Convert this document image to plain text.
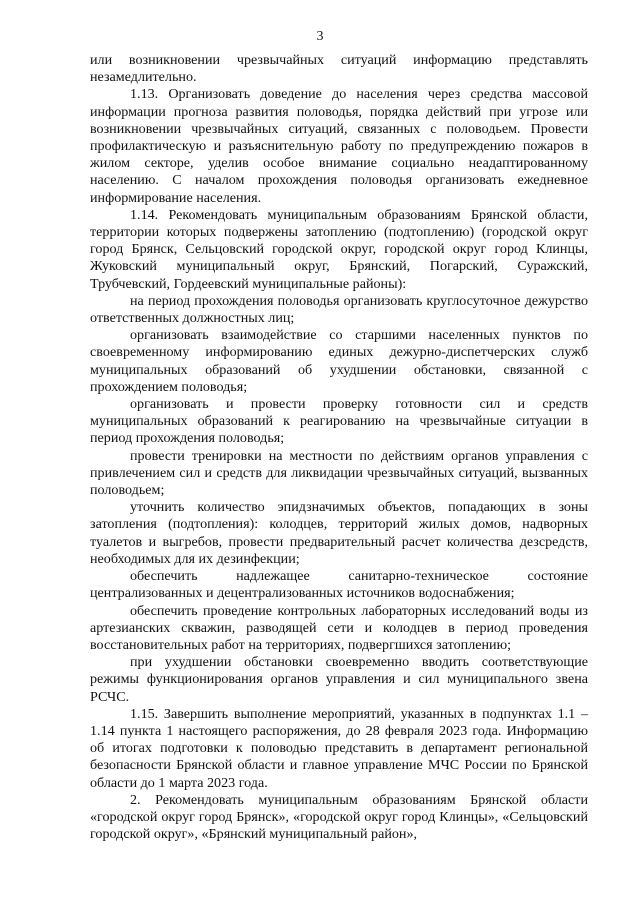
3

или возникновении чрезвычайных ситуаций информацию представлять незамедлительно.

1.13. Организовать доведение до населения через средства массовой информации прогноза развития половодья, порядка действий при угрозе или возникновении чрезвычайных ситуаций, связанных с половодьем. Провести профилактическую и разъяснительную работу по предупреждению пожаров в жилом секторе, уделив особое внимание социально неадаптированному населению. С началом прохождения половодья организовать ежедневное информирование населения.

1.14. Рекомендовать муниципальным образованиям Брянской области, территории которых подвержены затоплению (подтоплению) (городской округ город Брянск, Сельцовский городской округ, городской округ город Клинцы, Жуковский муниципальный округ, Брянский, Погарский, Суражский, Трубчевский, Гордеевский муниципальные районы):

на период прохождения половодья организовать круглосуточное дежурство ответственных должностных лиц;

организовать взаимодействие со старшими населенных пунктов по своевременному информированию единых дежурно-диспетчерских служб муниципальных образований об ухудшении обстановки, связанной с прохождением половодья;

организовать и провести проверку готовности сил и средств муниципальных образований к реагированию на чрезвычайные ситуации в период прохождения половодья;

провести тренировки на местности по действиям органов управления с привлечением сил и средств для ликвидации чрезвычайных ситуаций, вызванных половодьем;

уточнить количество эпидзначимых объектов, попадающих в зоны затопления (подтопления): колодцев, территорий жилых домов, надворных туалетов и выгребов, провести предварительный расчет количества дезсредств, необходимых для их дезинфекции;

обеспечить надлежащее санитарно-техническое состояние централизованных и децентрализованных источников водоснабжения;

обеспечить проведение контрольных лабораторных исследований воды из артезианских скважин, разводящей сети и колодцев в период проведения восстановительных работ на территориях, подвергшихся затоплению;

при ухудшении обстановки своевременно вводить соответствующие режимы функционирования органов управления и сил муниципального звена РСЧС.

1.15. Завершить выполнение мероприятий, указанных в подпунктах 1.1 – 1.14 пункта 1 настоящего распоряжения, до 28 февраля 2023 года. Информацию об итогах подготовки к половодью представить в департамент региональной безопасности Брянской области и главное управление МЧС России по Брянской области до 1 марта 2023 года.

2. Рекомендовать муниципальным образованиям Брянской области «городской округ город Брянск», «городской округ город Клинцы», «Сельцовский городской округ», «Брянский муниципальный район»,
